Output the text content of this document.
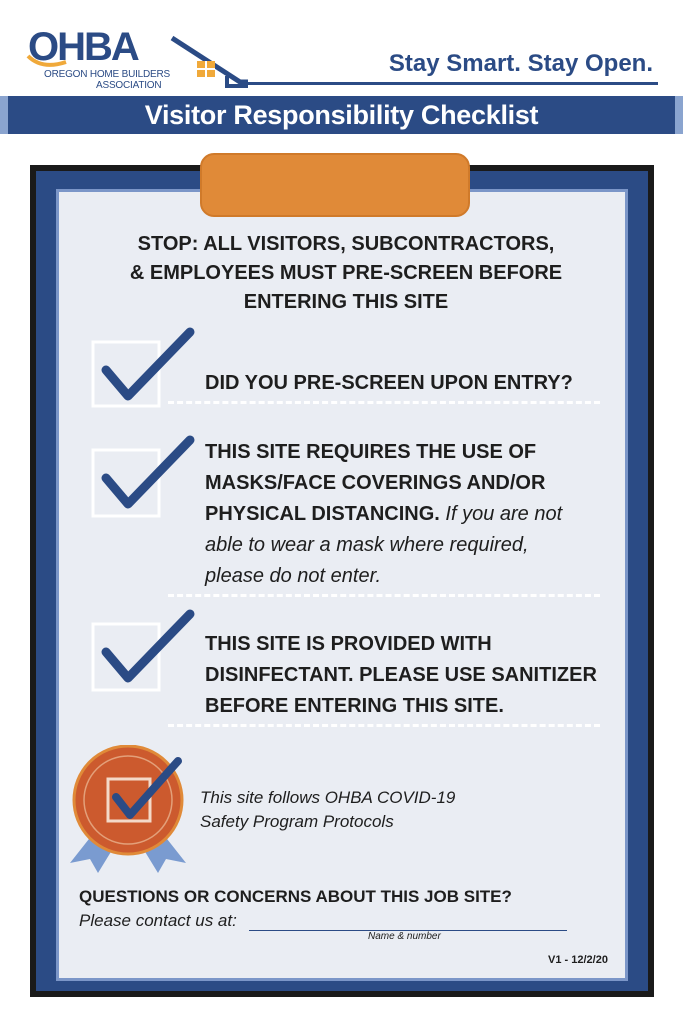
OHBA
OREGON HOME BUILDERS
ASSOCIATION
Stay Smart. Stay Open.
Visitor Responsibility Checklist
STOP: ALL VISITORS, SUBCONTRACTORS,
& EMPLOYEES MUST PRE-SCREEN BEFORE
ENTERING THIS SITE
DID YOU PRE-SCREEN UPON ENTRY?
THIS SITE REQUIRES THE USE OF
MASKS/FACE COVERINGS AND/OR
PHYSICAL DISTANCING. If you are not
able to wear a mask where required,
please do not enter.
THIS SITE IS PROVIDED WITH
DISINFECTANT. PLEASE USE SANITIZER
BEFORE ENTERING THIS SITE.
This site follows OHBA COVID-19
Safety Program Protocols
QUESTIONS OR CONCERNS ABOUT THIS JOB SITE?
Please contact us at:
Name & number
V1 - 12/2/20
